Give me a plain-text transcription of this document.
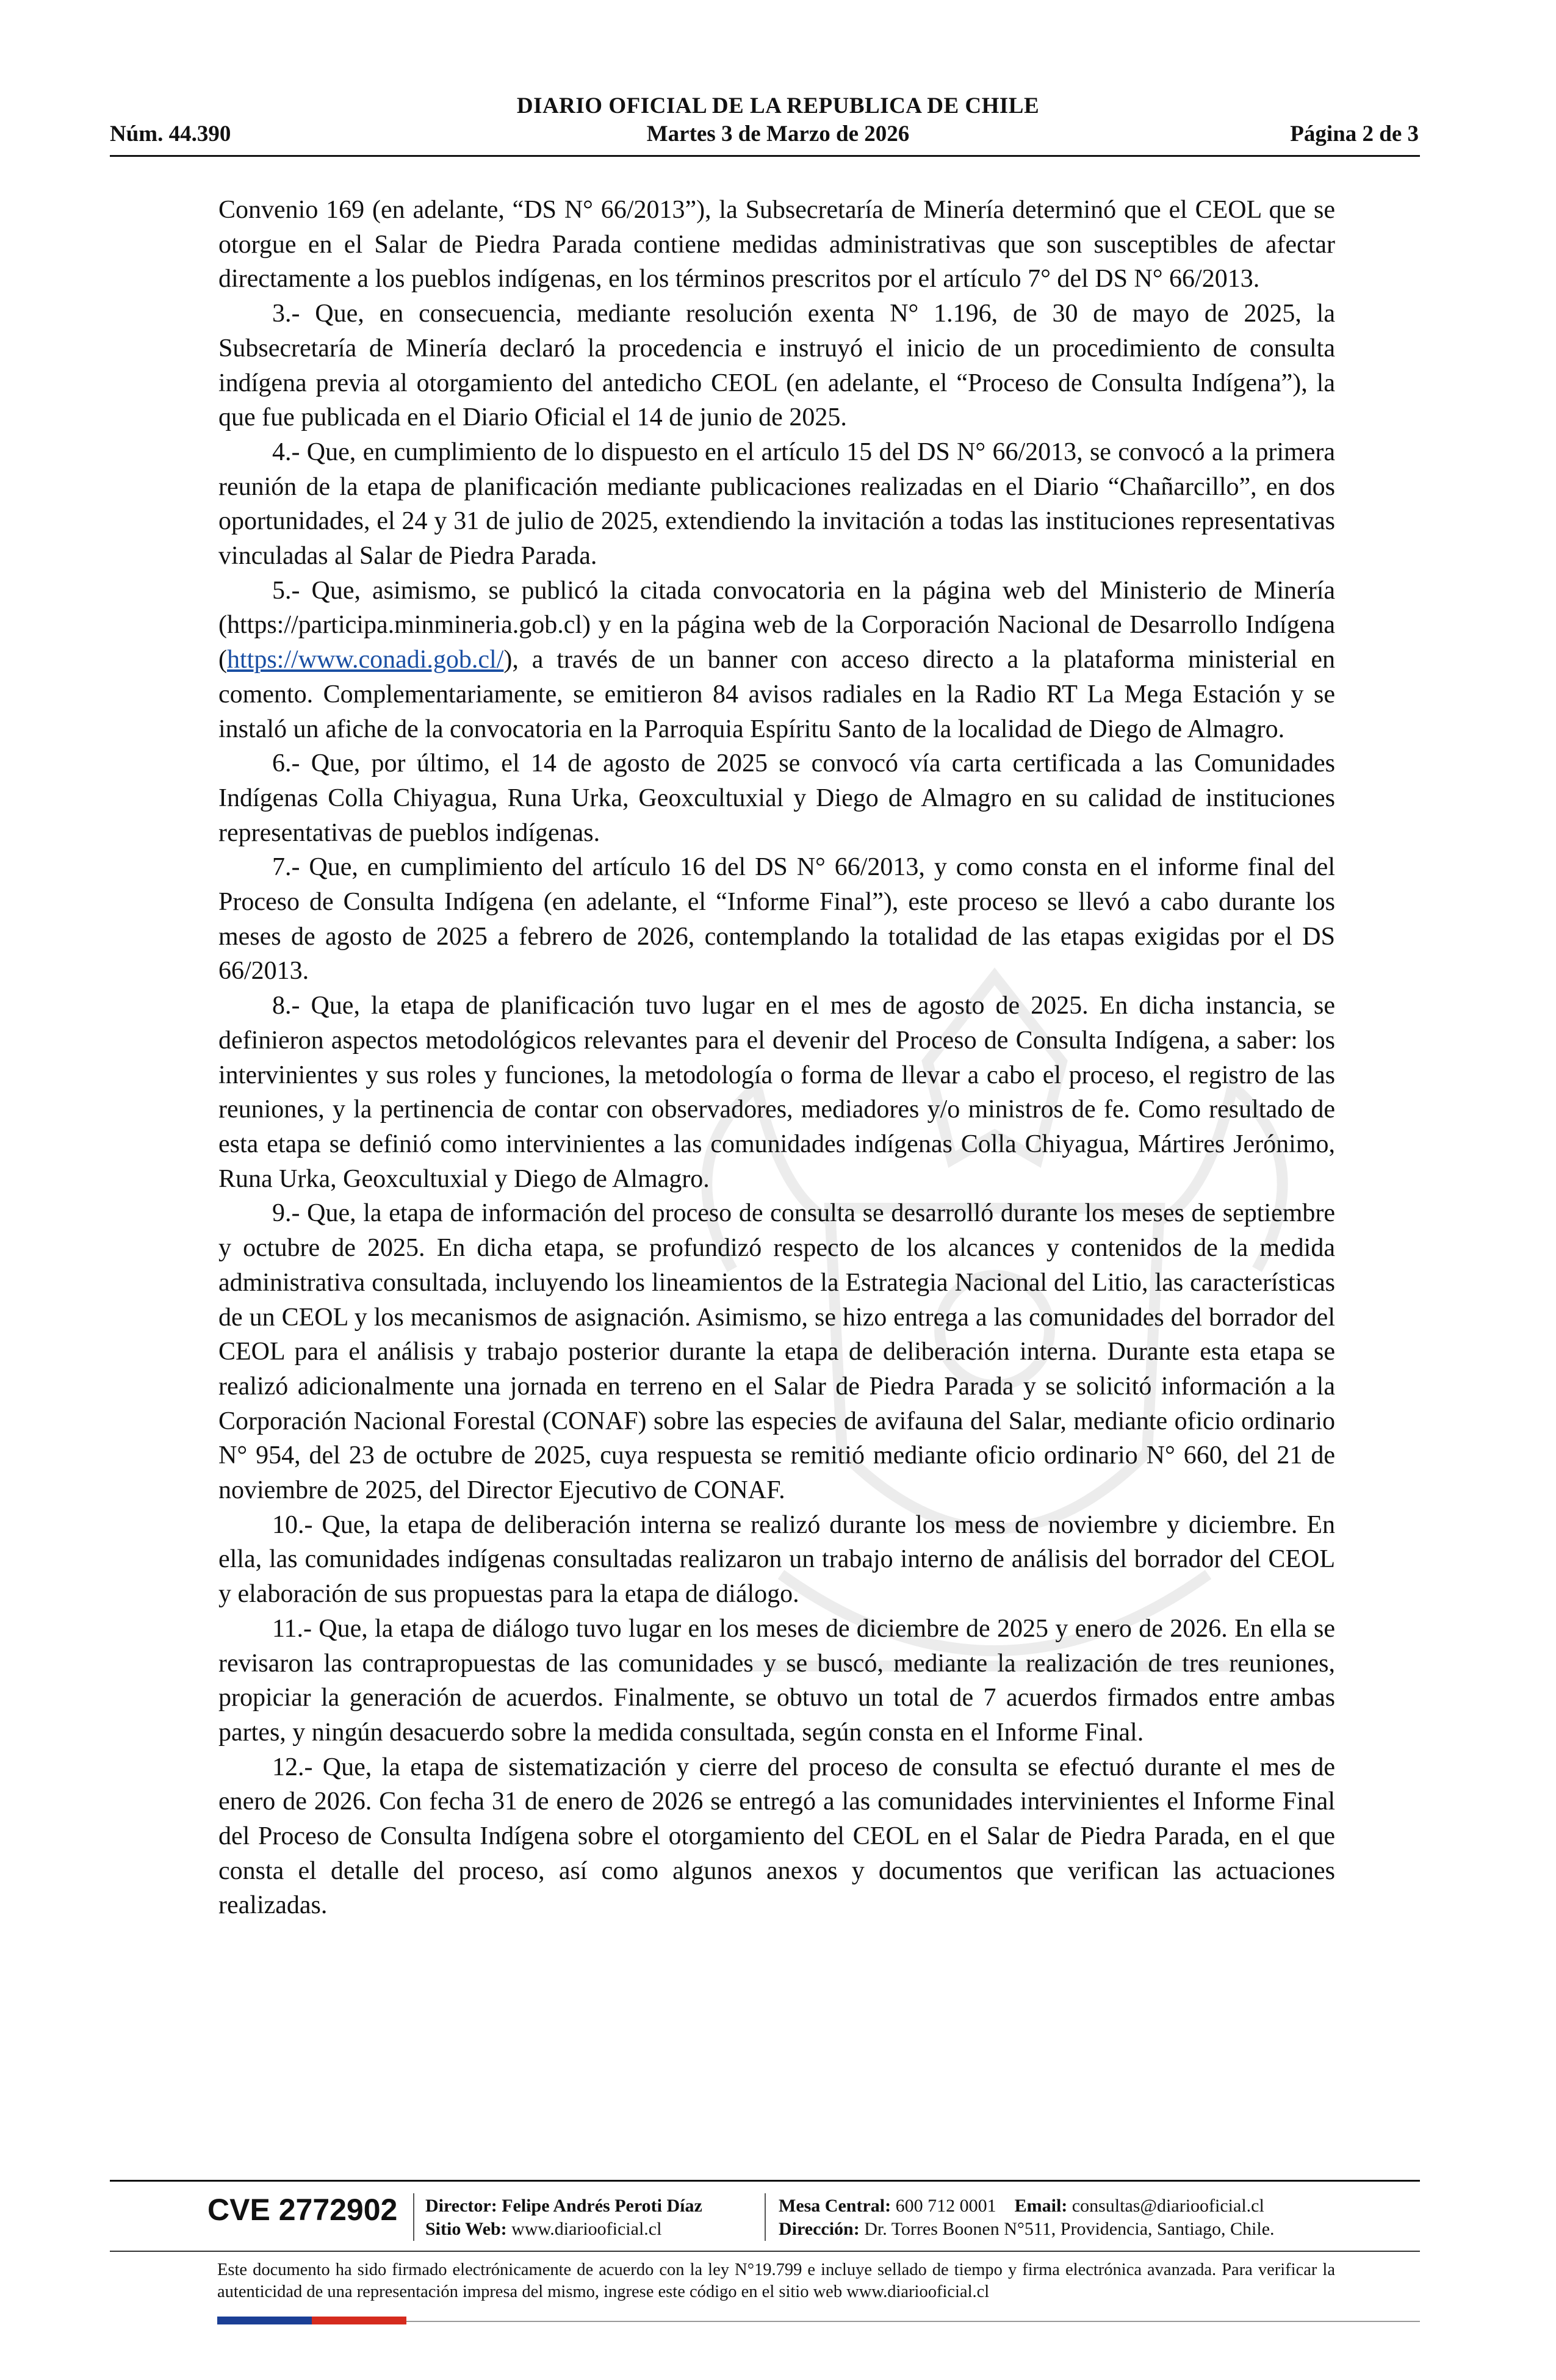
DIARIO OFICIAL DE LA REPUBLICA DE CHILE
Núm. 44.390	Martes 3 de Marzo de 2026	Página 2 de 3

Convenio 169 (en adelante, “DS N° 66/2013”), la Subsecretaría de Minería determinó que el CEOL que se otorgue en el Salar de Piedra Parada contiene medidas administrativas que son susceptibles de afectar directamente a los pueblos indígenas, en los términos prescritos por el artículo 7° del DS N° 66/2013.

3.- Que, en consecuencia, mediante resolución exenta N° 1.196, de 30 de mayo de 2025, la Subsecretaría de Minería declaró la procedencia e instruyó el inicio de un procedimiento de consulta indígena previa al otorgamiento del antedicho CEOL (en adelante, el “Proceso de Consulta Indígena”), la que fue publicada en el Diario Oficial el 14 de junio de 2025.

4.- Que, en cumplimiento de lo dispuesto en el artículo 15 del DS N° 66/2013, se convocó a la primera reunión de la etapa de planificación mediante publicaciones realizadas en el Diario “Chañarcillo”, en dos oportunidades, el 24 y 31 de julio de 2025, extendiendo la invitación a todas las instituciones representativas vinculadas al Salar de Piedra Parada.

5.- Que, asimismo, se publicó la citada convocatoria en la página web del Ministerio de Minería (https://participa.minmineria.gob.cl) y en la página web de la Corporación Nacional de Desarrollo Indígena (https://www.conadi.gob.cl/), a través de un banner con acceso directo a la plataforma ministerial en comento. Complementariamente, se emitieron 84 avisos radiales en la Radio RT La Mega Estación y se instaló un afiche de la convocatoria en la Parroquia Espíritu Santo de la localidad de Diego de Almagro.

6.- Que, por último, el 14 de agosto de 2025 se convocó vía carta certificada a las Comunidades Indígenas Colla Chiyagua, Runa Urka, Geoxcultuxial y Diego de Almagro en su calidad de instituciones representativas de pueblos indígenas.

7.- Que, en cumplimiento del artículo 16 del DS N° 66/2013, y como consta en el informe final del Proceso de Consulta Indígena (en adelante, el “Informe Final”), este proceso se llevó a cabo durante los meses de agosto de 2025 a febrero de 2026, contemplando la totalidad de las etapas exigidas por el DS 66/2013.

8.- Que, la etapa de planificación tuvo lugar en el mes de agosto de 2025. En dicha instancia, se definieron aspectos metodológicos relevantes para el devenir del Proceso de Consulta Indígena, a saber: los intervinientes y sus roles y funciones, la metodología o forma de llevar a cabo el proceso, el registro de las reuniones, y la pertinencia de contar con observadores, mediadores y/o ministros de fe. Como resultado de esta etapa se definió como intervinientes a las comunidades indígenas Colla Chiyagua, Mártires Jerónimo, Runa Urka, Geoxcultuxial y Diego de Almagro.

9.- Que, la etapa de información del proceso de consulta se desarrolló durante los meses de septiembre y octubre de 2025. En dicha etapa, se profundizó respecto de los alcances y contenidos de la medida administrativa consultada, incluyendo los lineamientos de la Estrategia Nacional del Litio, las características de un CEOL y los mecanismos de asignación. Asimismo, se hizo entrega a las comunidades del borrador del CEOL para el análisis y trabajo posterior durante la etapa de deliberación interna. Durante esta etapa se realizó adicionalmente una jornada en terreno en el Salar de Piedra Parada y se solicitó información a la Corporación Nacional Forestal (CONAF) sobre las especies de avifauna del Salar, mediante oficio ordinario N° 954, del 23 de octubre de 2025, cuya respuesta se remitió mediante oficio ordinario N° 660, del 21 de noviembre de 2025, del Director Ejecutivo de CONAF.

10.- Que, la etapa de deliberación interna se realizó durante los mess de noviembre y diciembre. En ella, las comunidades indígenas consultadas realizaron un trabajo interno de análisis del borrador del CEOL y elaboración de sus propuestas para la etapa de diálogo.

11.- Que, la etapa de diálogo tuvo lugar en los meses de diciembre de 2025 y enero de 2026. En ella se revisaron las contrapropuestas de las comunidades y se buscó, mediante la realización de tres reuniones, propiciar la generación de acuerdos. Finalmente, se obtuvo un total de 7 acuerdos firmados entre ambas partes, y ningún desacuerdo sobre la medida consultada, según consta en el Informe Final.

12.- Que, la etapa de sistematización y cierre del proceso de consulta se efectuó durante el mes de enero de 2026. Con fecha 31 de enero de 2026 se entregó a las comunidades intervinientes el Informe Final del Proceso de Consulta Indígena sobre el otorgamiento del CEOL en el Salar de Piedra Parada, en el que consta el detalle del proceso, así como algunos anexos y documentos que verifican las actuaciones realizadas.

CVE 2772902 Director: Felipe Andrés Peroti Díaz
Sitio Web: www.diariooficial.cl
Mesa Central: 600 712 0001 Email: consultas@diariooficial.cl
Dirección: Dr. Torres Boonen N°511, Providencia, Santiago, Chile.
Este documento ha sido firmado electrónicamente de acuerdo con la ley N°19.799 e incluye sellado de tiempo y firma electrónica avanzada. Para verificar la autenticidad de una representación impresa del mismo, ingrese este código en el sitio web www.diariooficial.cl
